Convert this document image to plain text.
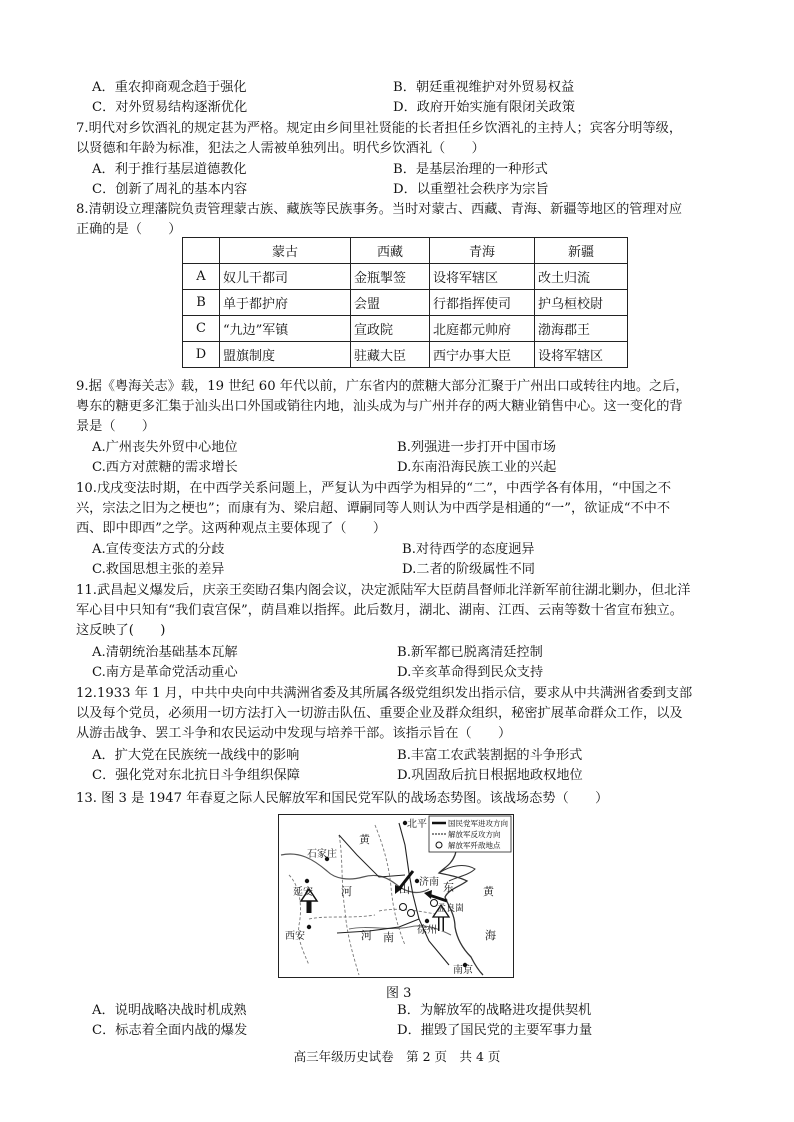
A．重农抑商观念趋于强化	B．朝廷重视维护对外贸易权益
C．对外贸易结构逐渐优化	D．政府开始实施有限闭关政策
7.明代对乡饮酒礼的规定甚为严格。规定由乡间里社贤能的长者担任乡饮酒礼的主持人；宾客分明等级，
以贤德和年龄为标准，犯法之人需被单独列出。明代乡饮酒礼（　　）
A．利于推行基层道德教化	B．是基层治理的一种形式
C．创新了周礼的基本内容	D．以重塑社会秩序为宗旨
8.清朝设立理藩院负责管理蒙古族、藏族等民族事务。当时对蒙古、西藏、青海、新疆等地区的管理对应
正确的是（　　）
	蒙古	西藏	青海	新疆
A	奴儿干都司	金瓶掣签	设将军辖区	改土归流
B	单于都护府	会盟	行都指挥使司	护乌桓校尉
C	“九边”军镇	宣政院	北庭都元帅府	渤海郡王
D	盟旗制度	驻藏大臣	西宁办事大臣	设将军辖区
9.据《粤海关志》载，19 世纪 60 年代以前，广东省内的蔗糖大部分汇聚于广州出口或转往内地。之后，
粤东的糖更多汇集于汕头出口外国或销往内地，汕头成为与广州并存的两大糖业销售中心。这一变化的背
景是（　　）
A.广州丧失外贸中心地位	B.列强进一步打开中国市场
C.西方对蔗糖的需求增长	D.东南沿海民族工业的兴起
10.戊戌变法时期，在中西学关系问题上，严复认为中西学为相异的“二”，中西学各有体用，“中国之不
兴，宗法之旧为之梗也”；而康有为、梁启超、谭嗣同等人则认为中西学是相通的“一”，欲证成“不中不
西、即中即西”之学。这两种观点主要体现了（　　）
A.宣传变法方式的分歧	B.对待西学的态度迥异
C.救国思想主张的差异	D.二者的阶级属性不同
11.武昌起义爆发后，庆亲王奕劻召集内阁会议，决定派陆军大臣荫昌督师北洋新军前往湖北剿办，但北洋
军心目中只知有“我们袁宫保”，荫昌难以指挥。此后数月，湖北、湖南、江西、云南等数十省宣布独立。
这反映了(　　)
A.清朝统治基础基本瓦解	B.新军都已脱离清廷控制
C.南方是革命党活动重心	D.辛亥革命得到民众支持
12.1933 年 1 月，中共中央向中共满洲省委及其所属各级党组织发出指示信，要求从中共满洲省委到支部
以及每个党员，必须用一切方法打入一切游击队伍、重要企业及群众组织，秘密扩展革命群众工作，以及
从游击战争、罢工斗争和农民运动中发现与培养干部。该指示旨在（　　）
A．扩大党在民族统一战线中的影响	B.丰富工农武装割据的斗争形式
C．强化党对东北抗日斗争组织保障	D.巩固敌后抗日根据地政权地位
13. 图 3 是 1947 年春夏之际人民解放军和国民党军队的战场态势图。该战场态势（　　）
国民党军进攻方向
解放军反攻方向
解放军歼敌地点
北平
石家庄
延安
济南
孟良崮
徐州
西安
南京
河
河 南
山
黄
黄
海
东
图 3
A．说明战略决战时机成熟	B．为解放军的战略进攻提供契机
C．标志着全面内战的爆发	D．摧毁了国民党的主要军事力量
高三年级历史试卷　第 2 页　共 4 页
